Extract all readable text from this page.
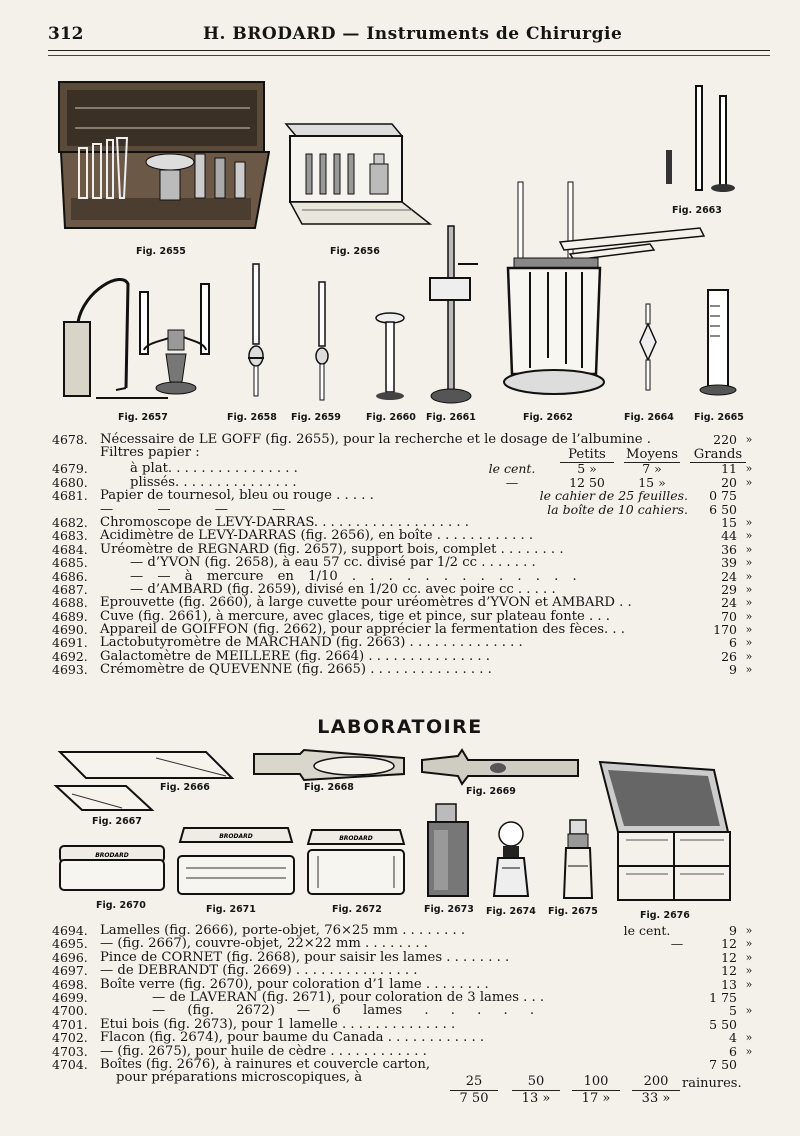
312	H. BRODARD — Instruments de Chirurgie
Fig. 2655	Fig. 2656
Fig. 2663
Fig. 2657	Fig. 2658 Fig. 2659	Fig. 2660 Fig. 2661	Fig. 2662	Fig. 2664 Fig. 2665
4678. Nécessaire de LE GOFF (fig. 2655), pour la recherche et le dosage de l’albumine .	220 »
Filtres papier :	Petits	Moyens Grands
4679.	à plat. . . . . . . . . . . . . . . .	le cent.	5 »	7 »	11 »
4680.	plissés. . . . . . . . . . . . . . .	—	12 50	15 »	20 »
4681. Papier de tournesol, bleu ou rouge . . . . .	le cahier de 25 feuilles. 0 75
— — — —	la boîte de 10 cahiers. 6 50
4682. Chromoscope de LEVY-DARRAS. . . . . . . . . . . . . . . . . . .	15 »
4683. Acidimètre de LEVY-DARRAS (fig. 2656), en boîte . . . . . . . . . . . .	44 »
4684. Uréomètre de REGNARD (fig. 2657), support bois, complet . . . . . . . .	36 »
4685.	— d’YVON (fig. 2658), à eau 57 cc. divisé par 1/2 cc . . . . . . .	39 »
4686.	— — à mercure en 1/10 . . . . . . . . . . . . .	24 »
4687.	— d’AMBARD (fig. 2659), divisé en 1/20 cc. avec poire cc . . . . .	29 »
4688. Eprouvette (fig. 2660), à large cuvette pour uréomètres d’YVON et AMBARD . .	24 »
4689. Cuve (fig. 2661), à mercure, avec glaces, tige et pince, sur plateau fonte . . .	70 »
4690. Appareil de GOIFFON (fig. 2662), pour apprécier la fermentation des fèces. . .	170 »
4691. Lactobutyromètre de MARCHAND (fig. 2663) . . . . . . . . . . . . . .	6 »
4692. Galactomètre de MEILLERE (fig. 2664) . . . . . . . . . . . . . . .	26 »
4693. Crémomètre de QUEVENNE (fig. 2665) . . . . . . . . . . . . . . .	9 »
LABORATOIRE
Fig. 2666
Fig. 2667
Fig. 2668	Fig. 2669
BRODARD
Fig. 2670
BRODARD
Fig. 2671
BRODARD
Fig. 2672	Fig. 2673 Fig. 2674 Fig. 2675	Fig. 2676
4694. Lamelles (fig. 2666), porte-objet, 76×25 mm . . . . . . . .	le cent.	9 »
4695. — (fig. 2667), couvre-objet, 22×22 mm . . . . . . . .	—	12 »
4696. Pince de CORNET (fig. 2668), pour saisir les lames . . . . . . . .	12 »
4697. — de DEBRANDT (fig. 2669) . . . . . . . . . . . . . . .	12 »
4698. Boîte verre (fig. 2670), pour coloration d’1 lame . . . . . . . .	13 »
4699.	— de LAVERAN (fig. 2671), pour coloration de 3 lames . . .	1 75
4700.	— (fig. 2672) — 6 lames . . . . .	5 »
4701. Etui bois (fig. 2673), pour 1 lamelle . . . . . . . . . . . . . .	5 50
4702. Flacon (fig. 2674), pour baume du Canada . . . . . . . . . . . .	4 »
4703. — (fig. 2675), pour huile de cèdre . . . . . . . . . . . .	6 »
4704. Boîtes (fig. 2676), à rainures et couvercle carton,	7 50
pour préparations microscopiques, à	25	50	100	200	rainures.
7 50	13 »	17 »	33 »
